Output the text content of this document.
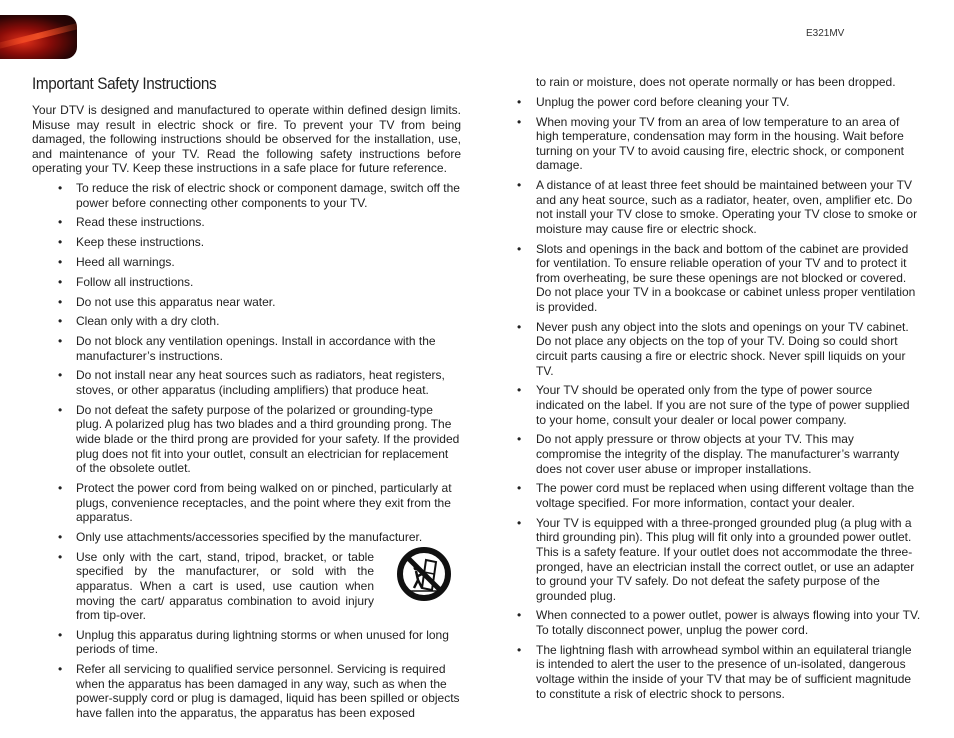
E321MV
Important Safety Instructions

Your DTV is designed and manufactured to operate within defined design limits. Misuse may result in electric shock or fire. To prevent your TV from being damaged, the following instructions should be observed for the installation, use, and maintenance of your TV. Read the following safety instructions before operating your TV. Keep these instructions in a safe place for future reference.

• To reduce the risk of electric shock or component damage, switch off the power before connecting other components to your TV.
• Read these instructions.
• Keep these instructions.
• Heed all warnings.
• Follow all instructions.
• Do not use this apparatus near water.
• Clean only with a dry cloth.
• Do not block any ventilation openings. Install in accordance with the manufacturer’s instructions.
• Do not install near any heat sources such as radiators, heat registers, stoves, or other apparatus (including amplifiers) that produce heat.
• Do not defeat the safety purpose of the polarized or grounding-type plug. A polarized plug has two blades and a third grounding prong. The wide blade or the third prong are provided for your safety. If the provided plug does not fit into your outlet, consult an electrician for replacement of the obsolete outlet.
• Protect the power cord from being walked on or pinched, particularly at plugs, convenience receptacles, and the point where they exit from the apparatus.
• Only use attachments/accessories specified by the manufacturer.
• Use only with the cart, stand, tripod, bracket, or table specified by the manufacturer, or sold with the apparatus. When a cart is used, use caution when moving the cart/ apparatus combination to avoid injury from tip-over.
• Unplug this apparatus during lightning storms or when unused for long periods of time.
• Refer all servicing to qualified service personnel. Servicing is required when the apparatus has been damaged in any way, such as when the power-supply cord or plug is damaged, liquid has been spilled or objects have fallen into the apparatus, the apparatus has been exposed
to rain or moisture, does not operate normally or has been dropped.
• Unplug the power cord before cleaning your TV.
• When moving your TV from an area of low temperature to an area of high temperature, condensation may form in the housing. Wait before turning on your TV to avoid causing fire, electric shock, or component damage.
• A distance of at least three feet should be maintained between your TV and any heat source, such as a radiator, heater, oven, amplifier etc. Do not install your TV close to smoke. Operating your TV close to smoke or moisture may cause fire or electric shock.
• Slots and openings in the back and bottom of the cabinet are provided for ventilation. To ensure reliable operation of your TV and to protect it from overheating, be sure these openings are not blocked or covered. Do not place your TV in a bookcase or cabinet unless proper ventilation is provided.
• Never push any object into the slots and openings on your TV cabinet. Do not place any objects on the top of your TV. Doing so could short circuit parts causing a fire or electric shock. Never spill liquids on your TV.
• Your TV should be operated only from the type of power source indicated on the label. If you are not sure of the type of power supplied to your home, consult your dealer or local power company.
• Do not apply pressure or throw objects at your TV. This may compromise the integrity of the display. The manufacturer’s warranty does not cover user abuse or improper installations.
• The power cord must be replaced when using different voltage than the voltage specified. For more information, contact your dealer.
• Your TV is equipped with a three-pronged grounded plug (a plug with a third grounding pin). This plug will fit only into a grounded power outlet. This is a safety feature. If your outlet does not accommodate the three-pronged, have an electrician install the correct outlet, or use an adapter to ground your TV safely. Do not defeat the safety purpose of the grounded plug.
• When connected to a power outlet, power is always flowing into your TV. To totally disconnect power, unplug the power cord.
• The lightning flash with arrowhead symbol within an equilateral triangle is intended to alert the user to the presence of un-isolated, dangerous voltage within the inside of your TV that may be of sufficient magnitude to constitute a risk of electric shock to persons.
